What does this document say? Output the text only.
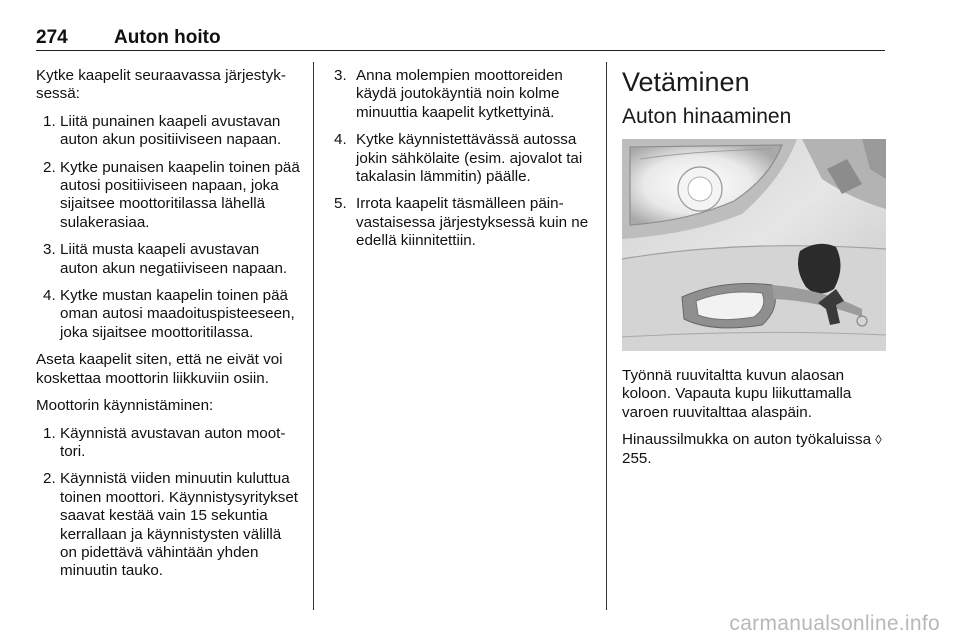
274 Auton hoito

Kytke kaapelit seuraavassa järjestyksessä:

1. Liitä punainen kaapeli avustavan auton akun positiiviseen napaan.
2. Kytke punaisen kaapelin toinen pää autosi positiiviseen napaan, joka sijaitsee moottoritilassa lähellä sulakerasiaa.
3. Liitä musta kaapeli avustavan auton akun negatiiviseen napaan.
4. Kytke mustan kaapelin toinen pää oman autosi maadoituspisteeseen, joka sijaitsee moottoritilassa.

Aseta kaapelit siten, että ne eivät voi koskettaa moottorin liikkuviin osiin.

Moottorin käynnistäminen:

1. Käynnistä avustavan auton moottori.
2. Käynnistä viiden minuutin kuluttua toinen moottori. Käynnistysyritykset saavat kestää vain 15 sekuntia kerrallaan ja käynnistysten välillä on pidettävä vähintään yhden minuutin tauko.
3. Anna molempien moottoreiden käydä joutokäyntiä noin kolme minuuttia kaapelit kytkettyinä.
4. Kytke käynnistettävässä autossa jokin sähkölaite (esim. ajovalot tai takalasin lämmitin) päälle.
5. Irrota kaapelit täsmälleen päinvastaisessa järjestyksessä kuin ne edellä kiinnitettiin.
Vetäminen
Auton hinaaminen

Työnnä ruuvitaltta kuvun alaosan koloon. Vapauta kupu liikuttamalla varoen ruuvitalttaa alaspäin.

Hinaussilmukka on auton työkaluissa ◊ 255.

carmanualsonline.info
